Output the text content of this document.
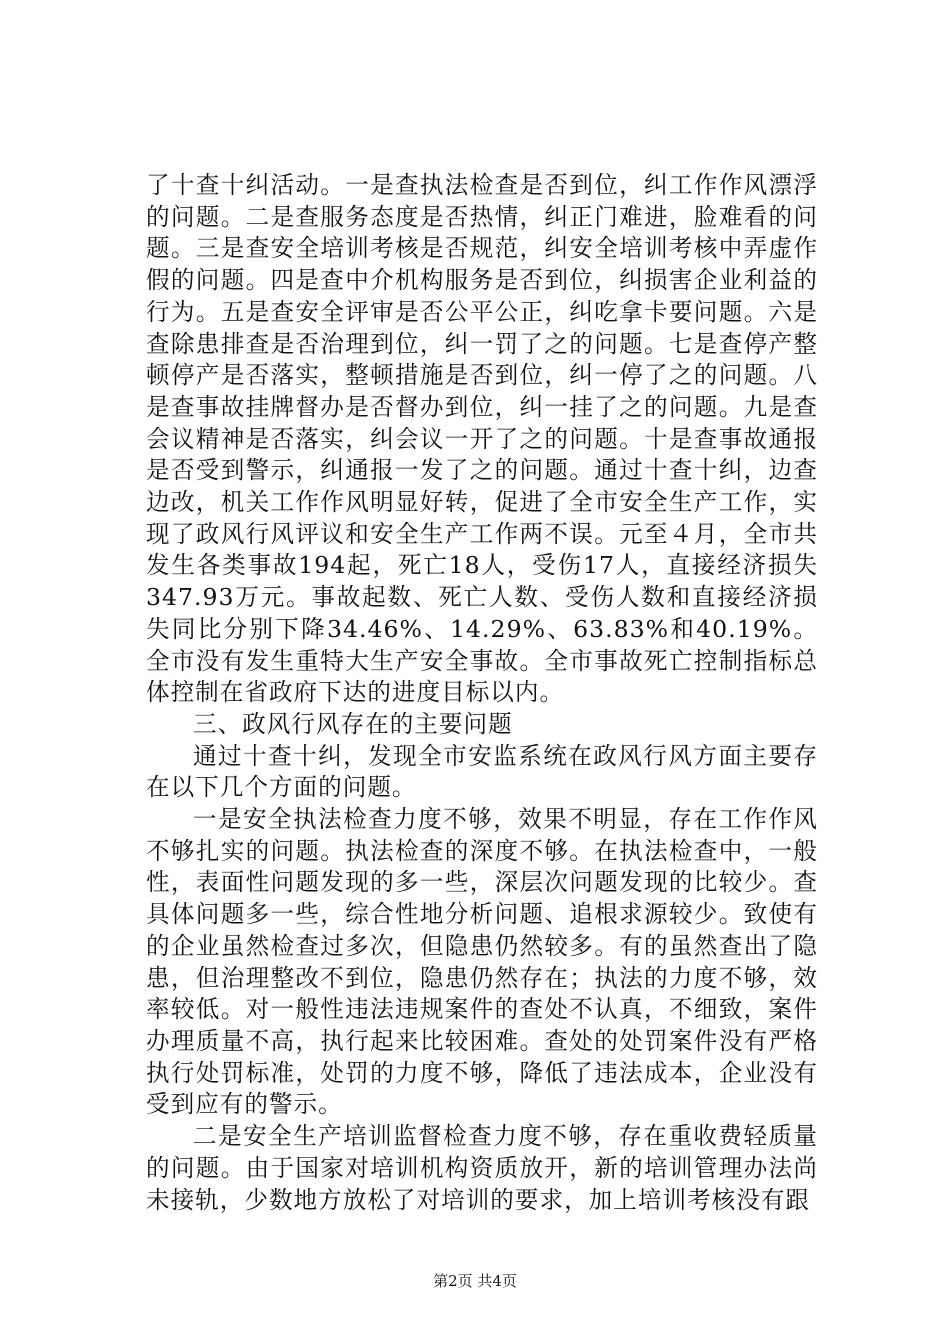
了十查十纠活动。一是查执法检查是否到位，纠工作作风漂浮的问题。二是查服务态度是否热情，纠正门难进，脸难看的问题。三是查安全培训考核是否规范，纠安全培训考核中弄虚作假的问题。四是查中介机构服务是否到位，纠损害企业利益的行为。五是查安全评审是否公平公正，纠吃拿卡要问题。六是查除患排查是否治理到位，纠一罚了之的问题。七是查停产整顿停产是否落实，整顿措施是否到位，纠一停了之的问题。八是查事故挂牌督办是否督办到位，纠一挂了之的问题。九是查会议精神是否落实，纠会议一开了之的问题。十是查事故通报是否受到警示，纠通报一发了之的问题。通过十查十纠，边查边改，机关工作作风明显好转，促进了全市安全生产工作，实现了政风行风评议和安全生产工作两不误。元至４月，全市共发生各类事故194起，死亡18人，受伤17人，直接经济损失347.93万元。事故起数、死亡人数、受伤人数和直接经济损失同比分别下降34.46%、14.29%、63.83%和40.19%。全市没有发生重特大生产安全事故。全市事故死亡控制指标总体控制在省政府下达的进度目标以内。

三、政风行风存在的主要问题

通过十查十纠，发现全市安监系统在政风行风方面主要存在以下几个方面的问题。

一是安全执法检查力度不够，效果不明显，存在工作作风不够扎实的问题。执法检查的深度不够。在执法检查中，一般性，表面性问题发现的多一些，深层次问题发现的比较少。查具体问题多一些，综合性地分析问题、追根求源较少。致使有的企业虽然检查过多次，但隐患仍然较多。有的虽然查出了隐患，但治理整改不到位，隐患仍然存在；执法的力度不够，效率较低。对一般性违法违规案件的查处不认真，不细致，案件办理质量不高，执行起来比较困难。查处的处罚案件没有严格执行处罚标准，处罚的力度不够，降低了违法成本，企业没有受到应有的警示。

二是安全生产培训监督检查力度不够，存在重收费轻质量的问题。由于国家对培训机构资质放开，新的培训管理办法尚未接轨，少数地方放松了对培训的要求，加上培训考核没有跟

第2页 共4页
